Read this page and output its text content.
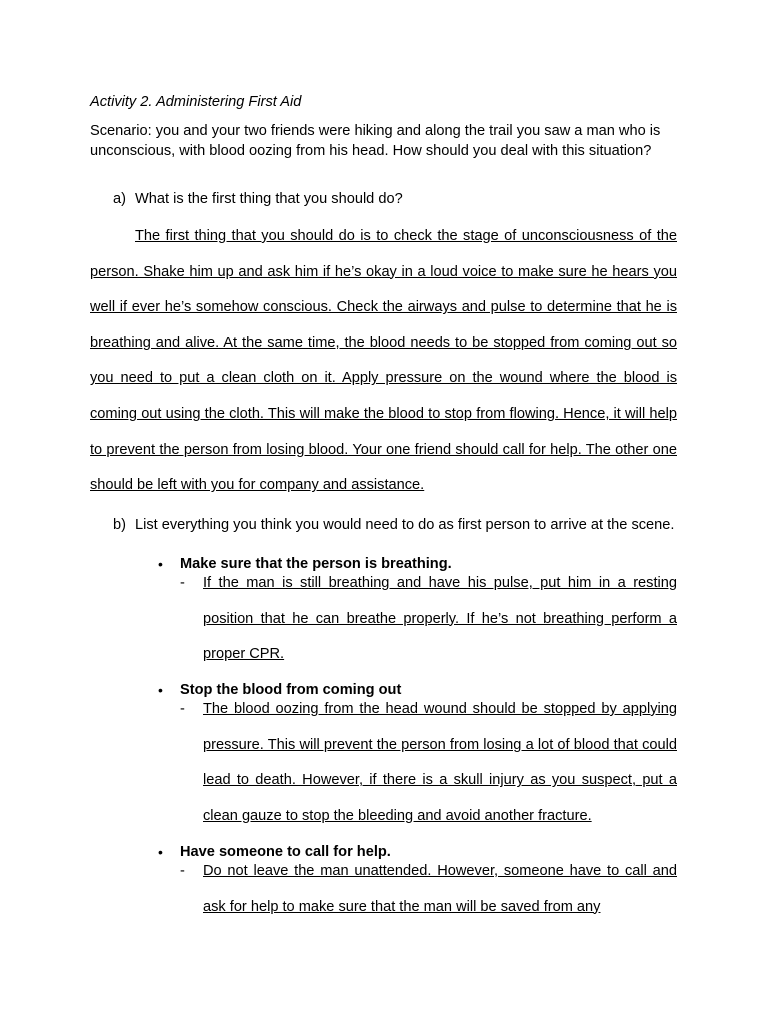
Activity 2. Administering First Aid
Scenario: you and your two friends were hiking and along the trail you saw a man who is unconscious, with blood oozing from his head. How should you deal with this situation?
a) What is the first thing that you should do?
The first thing that you should do is to check the stage of unconsciousness of the person. Shake him up and ask him if he’s okay in a loud voice to make sure he hears you well if ever he’s somehow conscious. Check the airways and pulse to determine that he is breathing and alive. At the same time, the blood needs to be stopped from coming out so you need to put a clean cloth on it. Apply pressure on the wound where the blood is coming out using the cloth. This will make the blood to stop from flowing. Hence, it will help to prevent the person from losing blood. Your one friend should call for help. The other one should be left with you for company and assistance.
b) List everything you think you would need to do as first person to arrive at the scene.
• Make sure that the person is breathing.
- If the man is still breathing and have his pulse, put him in a resting position that he can breathe properly. If he’s not breathing perform a proper CPR.
• Stop the blood from coming out
- The blood oozing from the head wound should be stopped by applying pressure. This will prevent the person from losing a lot of blood that could lead to death. However, if there is a skull injury as you suspect, put a clean gauze to stop the bleeding and avoid another fracture.
• Have someone to call for help.
- Do not leave the man unattended. However, someone have to call and ask for help to make sure that the man will be saved from any
